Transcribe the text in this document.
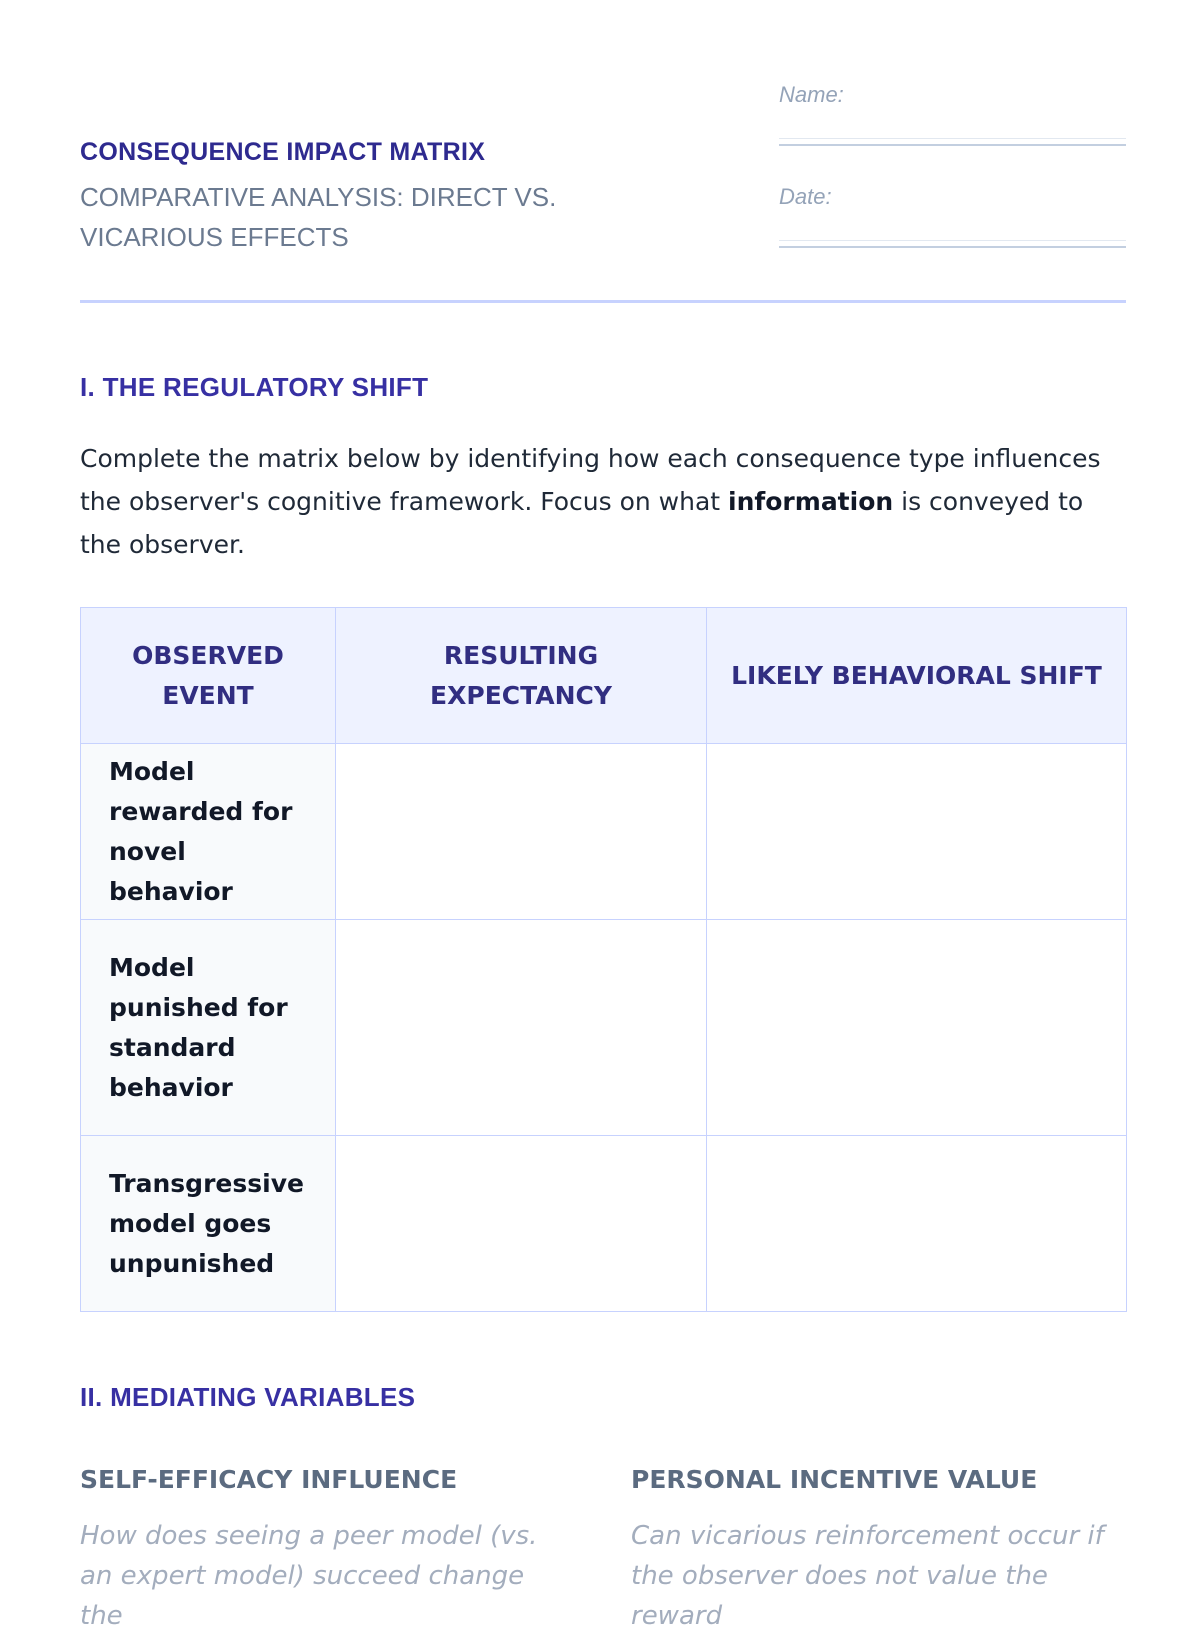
CONSEQUENCE IMPACT MATRIX
COMPARATIVE ANALYSIS: DIRECT VS. VICARIOUS EFFECTS
Name:
Date:
I. THE REGULATORY SHIFT

Complete the matrix below by identifying how each consequence type influences the observer's cognitive framework. Focus on what information is conveyed to the observer.

OBSERVED EVENT	RESULTING EXPECTANCY	LIKELY BEHAVIORAL SHIFT
Model rewarded for novel behavior		
Model punished for standard behavior		
Transgressive model goes unpunished		
II. MEDIATING VARIABLES
SELF-EFFICACY INFLUENCE
How does seeing a peer model (vs. an expert model) succeed change the
PERSONAL INCENTIVE VALUE
Can vicarious reinforcement occur if the observer does not value the reward
